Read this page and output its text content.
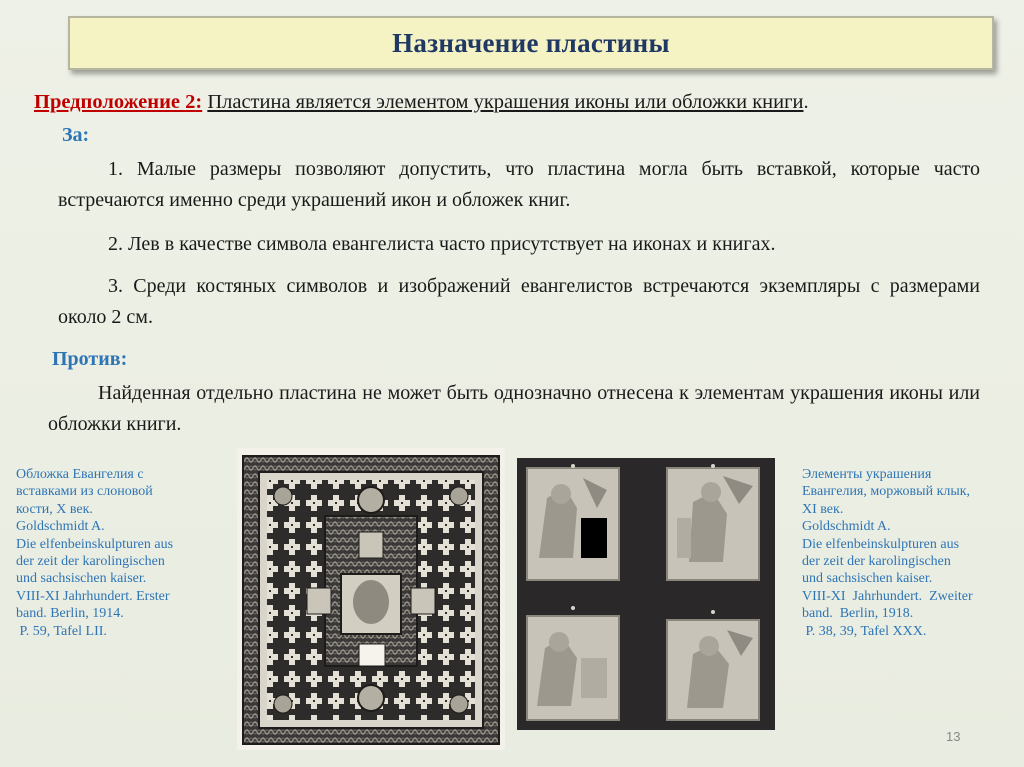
Назначение пластины
Предположение 2: Пластина является элементом украшения иконы или обложки книги.
За:
1. Малые размеры позволяют допустить, что пластина могла быть вставкой, которые часто встречаются именно среди украшений икон и обложек книг.
2. Лев в качестве символа евангелиста часто присутствует на иконах и книгах.
3. Среди костяных символов и изображений евангелистов встречаются экземпляры с размерами около 2 см.
Против:
Найденная отдельно пластина не может быть однозначно отнесена к элементам украшения иконы или обложки книги.
Обложка Евангелия с
вставками из слоновой
кости, X век.
Goldschmidt A.
Die elfenbeinskulpturen aus
der zeit der karolingischen
und sachsischen kaiser.
VIII-XI Jahrhundert. Erster
band. Berlin, 1914.
P. 59, Tafel LII.
Элементы украшения
Евангелия, моржовый клык,
XI век.
Goldschmidt A.
Die elfenbeinskulpturen aus
der zeit der karolingischen
und sachsischen kaiser.
VIII-XI  Jahrhundert.  Zweiter
band.  Berlin, 1918.
P. 38, 39, Tafel XXX.
13
